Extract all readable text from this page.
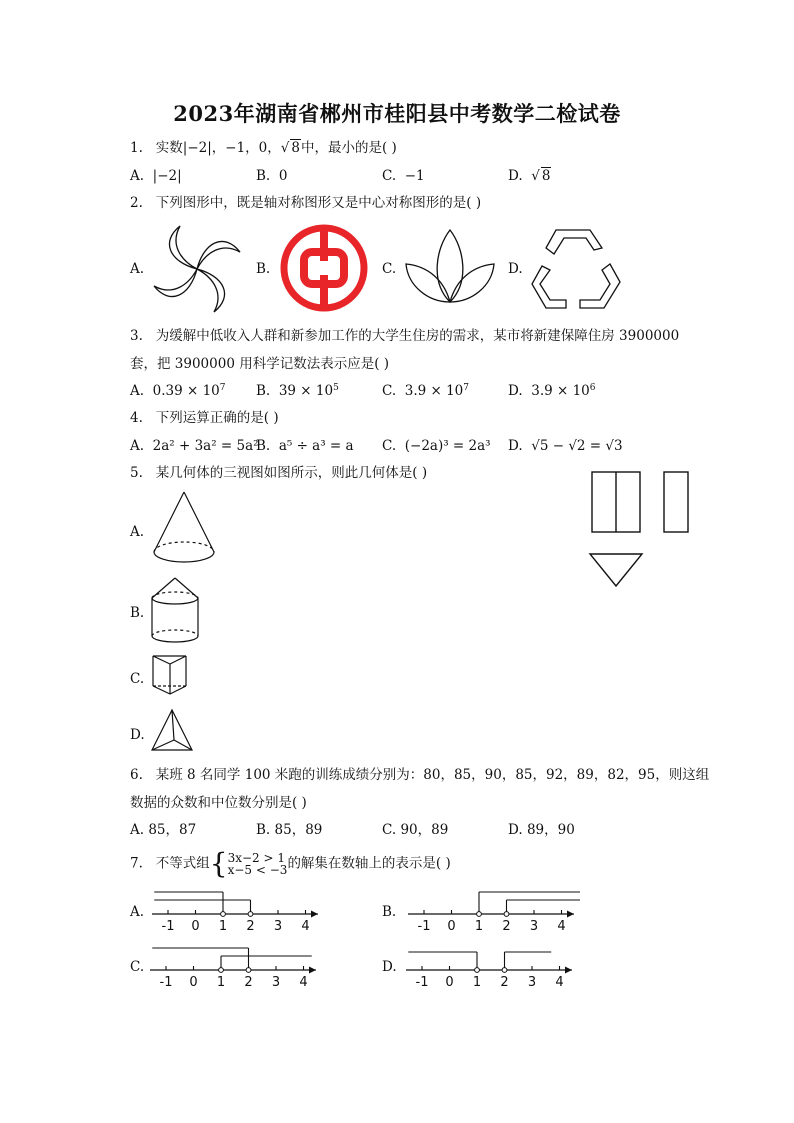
2023年湖南省郴州市桂阳县中考数学二检试卷
1. 实数|−2|，−1，0，√ 8中，最小的是( )
A. |−2|	B. 0	C. −1	D.  √ 8
2. 下列图形中，既是轴对称图形又是中心对称图形的是( )
A.	B.	C.	D.
3. 为缓解中低收入人群和新参加工作的大学生住房的需求，某市将新建保障住房 3900000
套，把 3900000 用科学记数法表示应是( )
A. $0.39 \times 10^7$ B. $39 \times 10^5$	C. $3.9 \times 10^7$	D. $3.9 \times 10^6$
4. 下列运算正确的是( )
A. 2a² + 3a² = 5a²
B. a⁵ ÷ a³ = a C. (−2a)³ = 2a³ D. √5 − √2 = √3
5. 某几何体的三视图如图所示，则此几何体是( )
A.
B.
C.
D.
6. 某班 8 名同学 100 米跑的训练成绩分别为：80，85，90，85，92，89，82，95，则这组
数据的众数和中位数分别是( )
A. 85，87	B. 85，89	C. 90，89	D. 89，90
7. 不等式组{3x−2 > 1
x−5 < −3的解集在数轴上的表示是( )
A.
-1 0 1 2 3 4
B.
-1 0 1 2 3 4
C.
-1 0 1 2 3 4
D.
-1 0 1 2 3 4
